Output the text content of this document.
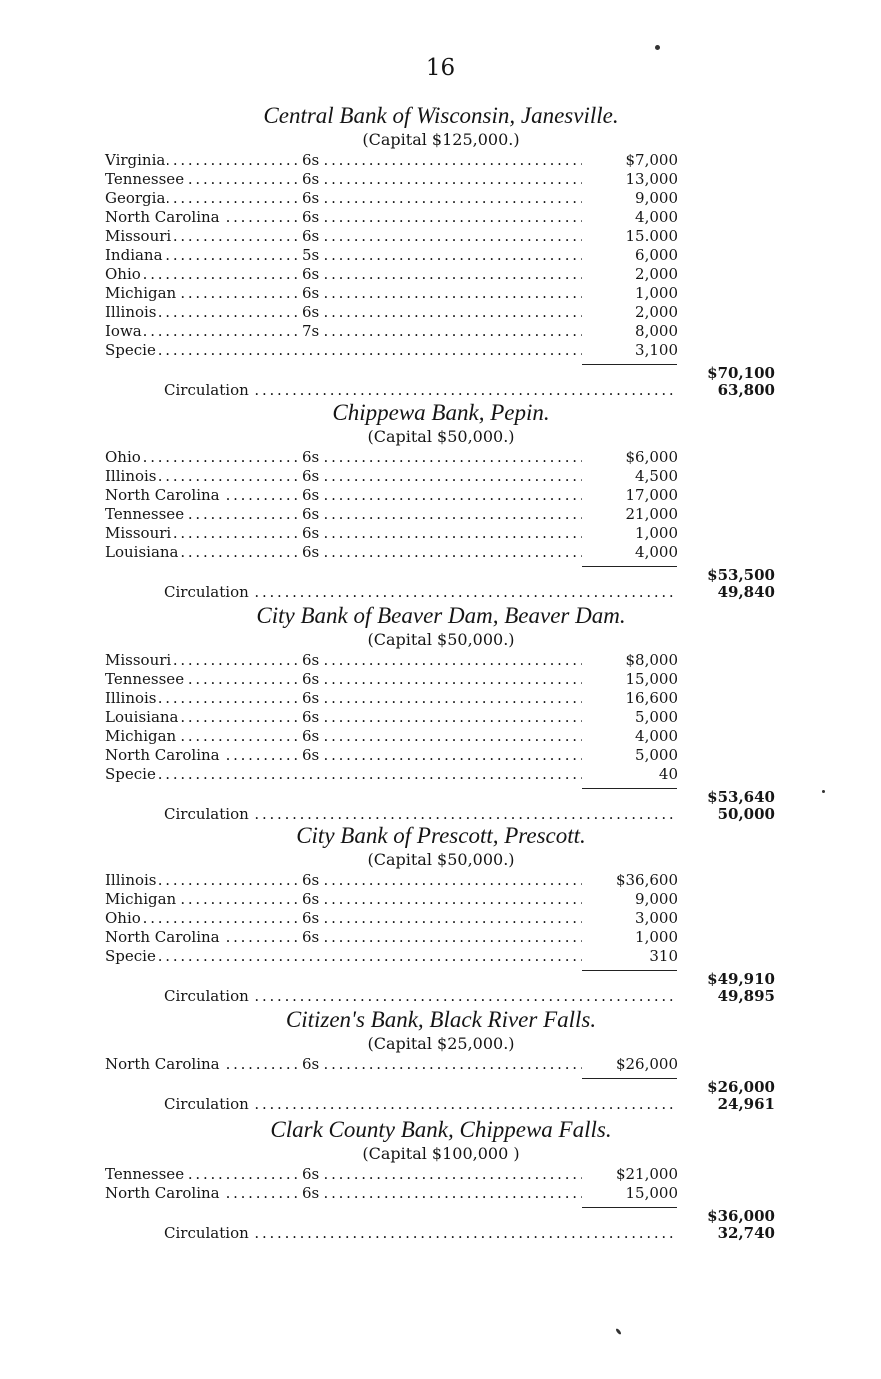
16
Central Bank of Wisconsin, Janesville.
(Capital $125,000.)
. . .
Virginia	6s	$7,000
. . .
Tennessee	6s	13,000
. . .
Georgia	6s	9,000
. . .
North Carolina	6s	4,000
. . .
Missouri	6s	15.000
. . .
Indiana	5s	6,000
. . .
Ohio	6s	2,000
. . .
Michigan	6s	1,000
. . .
Illinois	6s	2,000
. . .
Iowa	7s	8,000
. . .
Specie	3,100
$70,100
. . .
Circulation	63,800
Chippewa Bank, Pepin.
(Capital $50,000.)
. . .
Ohio	6s	$6,000
. . .
Illinois	6s	4,500
. . .
North Carolina	6s	17,000
. . .
Tennessee	6s	21,000
. . .
Missouri	6s	1,000
. . .
Louisiana	6s	4,000
$53,500
. . .
Circulation	49,840
City Bank of Beaver Dam, Beaver Dam.
(Capital $50,000.)
. . .
Missouri	6s	$8,000
. . .
Tennessee	6s	15,000
. . .
Illinois	6s	16,600
. . .
Louisiana	6s	5,000
. . .
Michigan	6s	4,000
. . .
North Carolina	6s	5,000
. . .
Specie	40
$53,640
. . .
Circulation	50,000
City Bank of Prescott, Prescott.
(Capital $50,000.)
. . .
Illinois	6s	$36,600
. . .
Michigan	6s	9,000
. . .
Ohio	6s	3,000
. . .
North Carolina	6s	1,000
. . .
Specie	310
$49,910
. . .
Circulation	49,895
Citizen's Bank, Black River Falls.
(Capital $25,000.)
. . .
North Carolina	6s	$26,000
$26,000
. . .
Circulation	24,961
Clark County Bank, Chippewa Falls.
(Capital $100,000 )
. . .
Tennessee	6s	$21,000
. . .
North Carolina	6s	15,000
$36,000
. . .
Circulation	32,740
